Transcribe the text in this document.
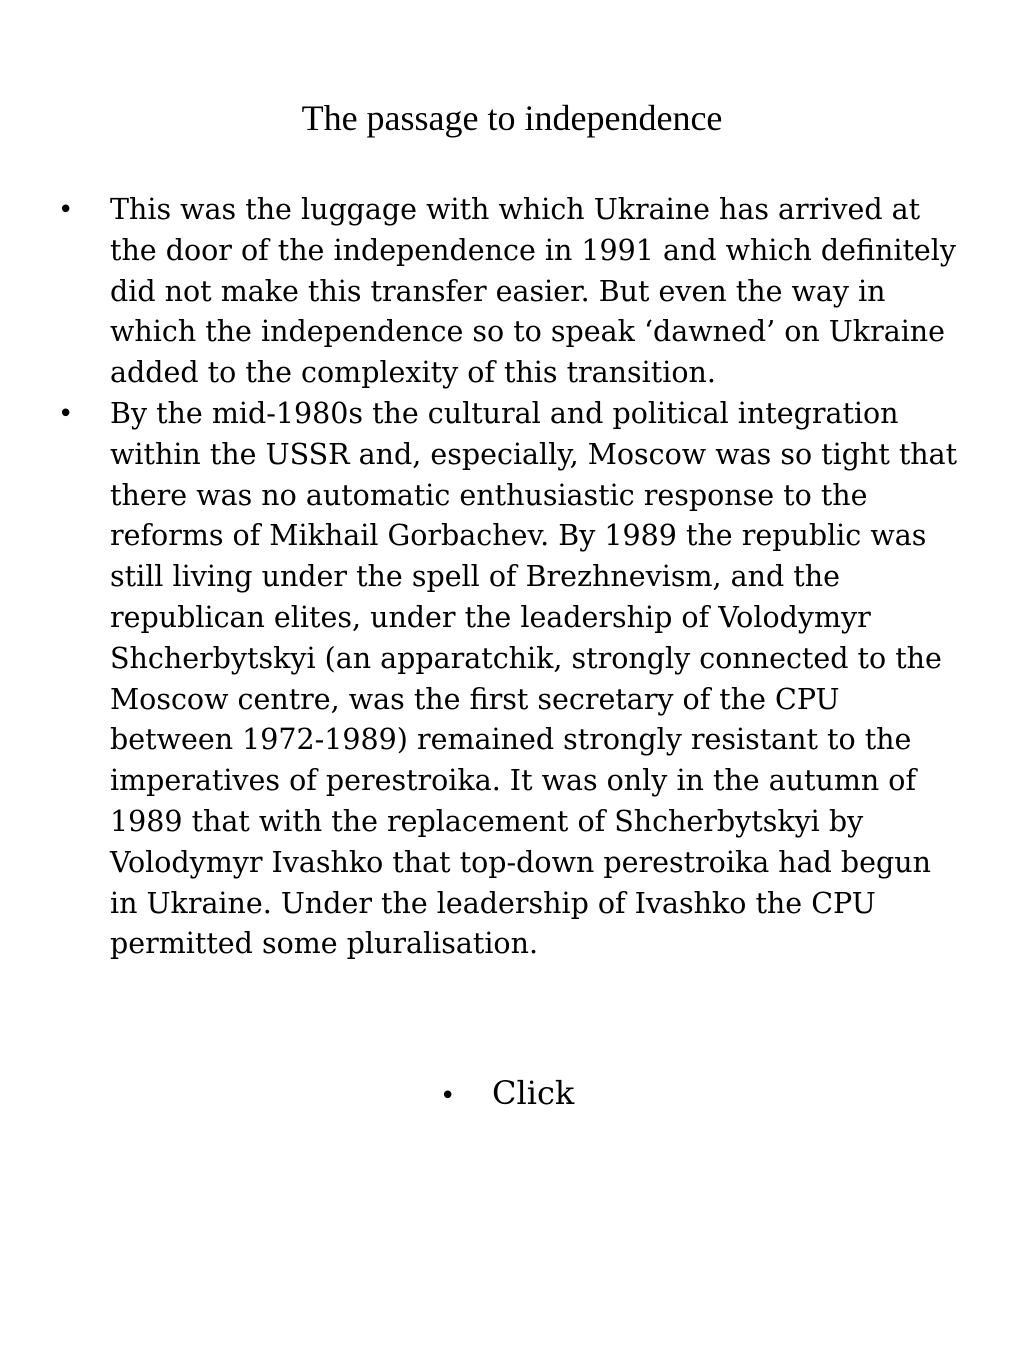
The passage to independence
• This was the luggage with which Ukraine has arrived at the door of the independence in 1991 and which definitely did not make this transfer easier. But even the way in which the independence so to speak ‘dawned’ on Ukraine added to the complexity of this transition.
• By the mid-1980s the cultural and political integration within the USSR and, especially, Moscow was so tight that there was no automatic enthusiastic response to the reforms of Mikhail Gorbachev. By 1989 the republic was still living under the spell of Brezhnevism, and the republican elites, under the leadership of Volodymyr Shcherbytskyi (an apparatchik, strongly connected to the Moscow centre, was the first secretary of the CPU between 1972-1989) remained strongly resistant to the imperatives of perestroika. It was only in the autumn of 1989 that with the replacement of Shcherbytskyi by Volodymyr Ivashko that top-down perestroika had begun in Ukraine. Under the leadership of Ivashko the CPU permitted some pluralisation.
• Click
